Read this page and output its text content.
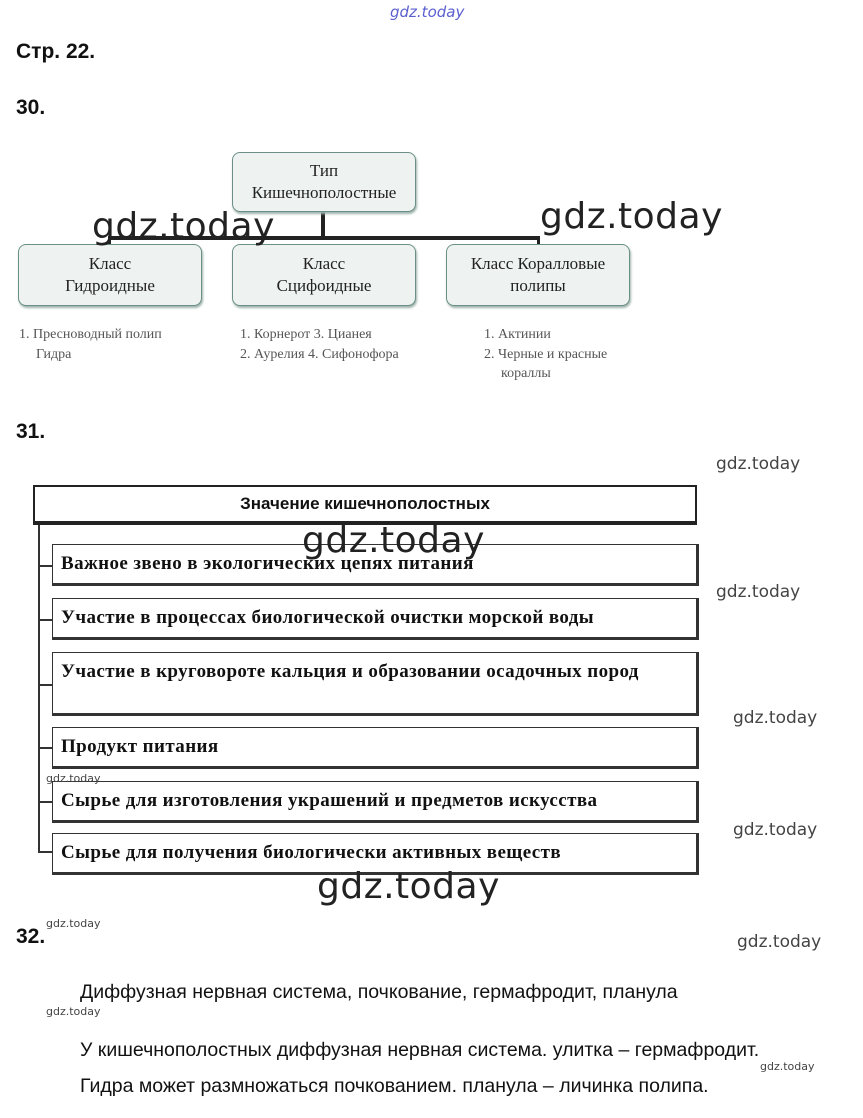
gdz.today
Стр. 22.
30.
Тип
Кишечнополостные
Класс
Гидроидные
Класс
Сцифоидные
Класс Коралловые
полипы
1. Пресноводный полип
Гидра
1. Корнерот 3. Цианея
2. Аурелия 4. Сифонофора
1. Актинии
2. Черные и красные
кораллы
gdz.today	gdz.today
31.
gdz.today
Значение кишечнополостных
Важное звено в экологических цепях питания
Участие в процессах биологической очистки морской воды
Участие в круговороте кальция и образовании осадочных пород
Продукт питания
Сырье для изготовления украшений и предметов искусства
Сырье для получения биологически активных веществ
gdz.today
gdz.today
gdz.today
gdz.today
gdz.today
gdz.today
32.
gdz.today
gdz.today
Диффузная нервная система, почкование, гермафродит, планула
gdz.today
У кишечнополостных диффузная нервная система. улитка – гермафродит.
gdz.today
Гидра может размножаться почкованием. планула – личинка полипа.
